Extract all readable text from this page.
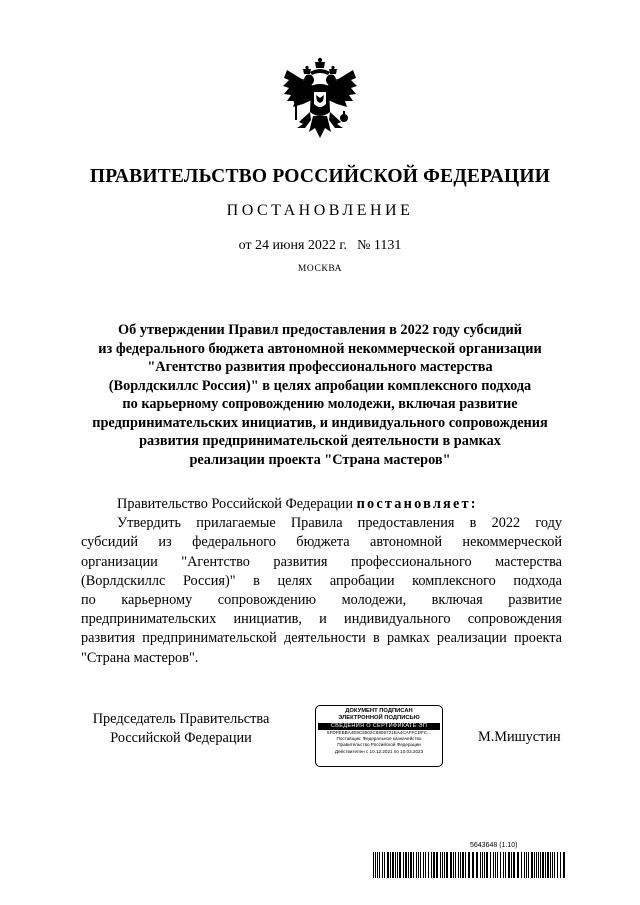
ПРАВИТЕЛЬСТВО РОССИЙСКОЙ ФЕДЕРАЦИИ
ПОСТАНОВЛЕНИЕ
от 24 июня 2022 г. № 1131
МОСКВА
Об утверждении Правил предоставления в 2022 году субсидий
из федерального бюджета автономной некоммерческой организации
"Агентство развития профессионального мастерства
(Ворлдскиллс Россия)" в целях апробации комплексного подхода
по карьерному сопровождению молодежи, включая развитие
предпринимательских инициатив, и индивидуального сопровождения
развития предпринимательской деятельности в рамках
реализации проекта "Страна мастеров"

Правительство Российской Федерации постановляет:

Утвердить прилагаемые Правила предоставления в 2022 году
субсидий из федерального бюджета автономной некоммерческой
организации "Агентство развития профессионального мастерства
(Ворлдскиллс Россия)" в целях апробации комплексного подхода
по карьерному сопровождению молодежи, включая развитие
предпринимательских инициатив, и индивидуального сопровождения
развития предпринимательской деятельности в рамках реализации проекта
"Страна мастеров".
Председатель Правительства
Российской Федерации
ДОКУМЕНТ ПОДПИСАН
ЭЛЕКТРОННОЙ ПОДПИСЬЮ
СВЕДЕНИЯ О СЕРТИФИКАТЕ ЭП
5FDFEBBA4E9C5502C6806721EA4CAFFCDFC...
Поставщик: Федеральное казначейство
Правительство Российской Федерации
Действителен с 10.12.2021 по 10.03.2023
М.Мишустин
5643648 (1.10)
